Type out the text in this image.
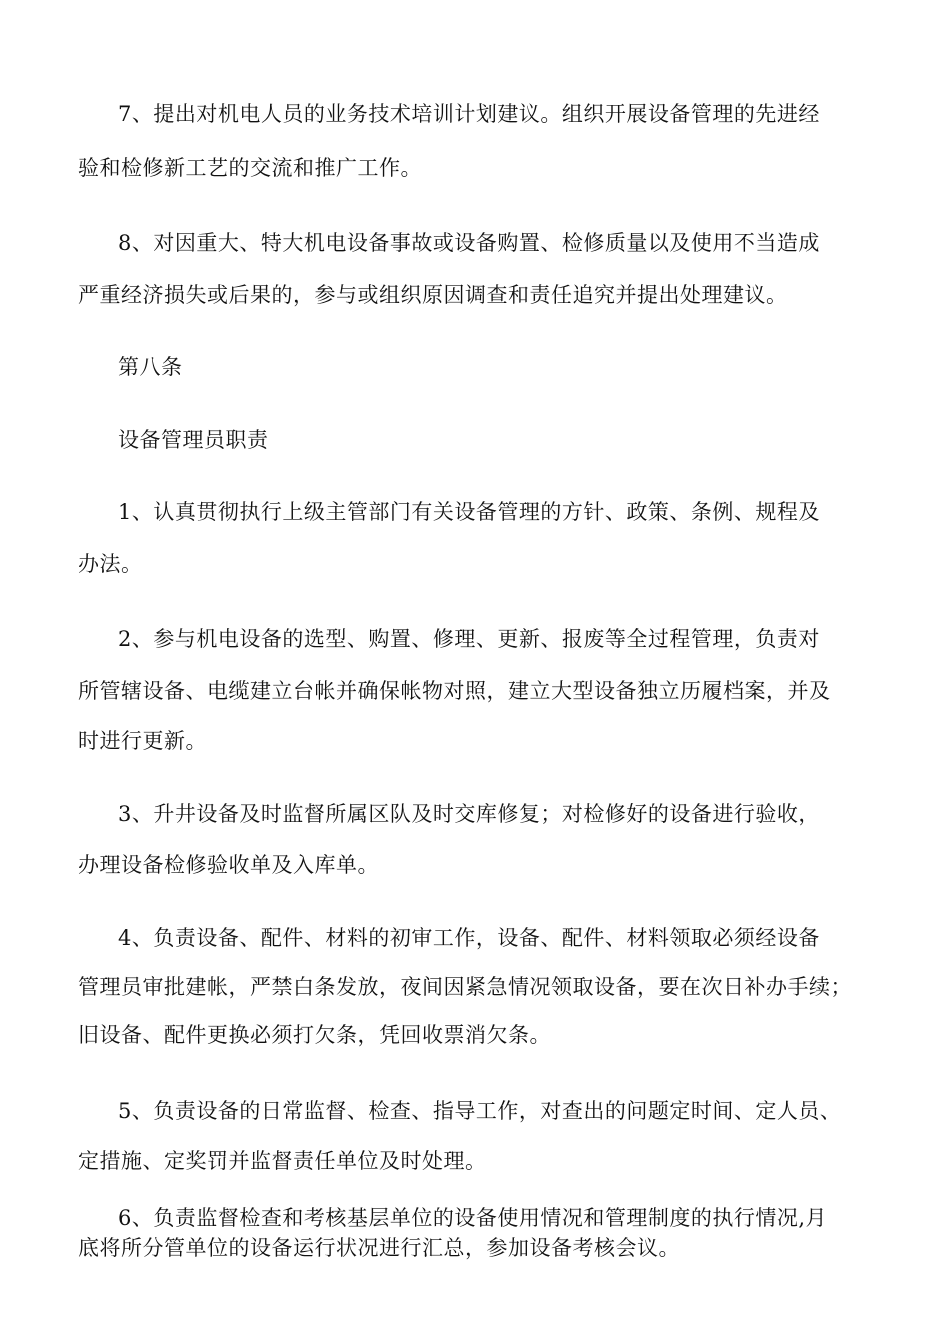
7、提出对机电人员的业务技术培训计划建议。组织开展设备管理的先进经
验和检修新工艺的交流和推广工作。
8、对因重大、特大机电设备事故或设备购置、检修质量以及使用不当造成
严重经济损失或后果的，参与或组织原因调查和责任追究并提出处理建议。
第八条
设备管理员职责
1、认真贯彻执行上级主管部门有关设备管理的方针、政策、条例、规程及
办法。
2、参与机电设备的选型、购置、修理、更新、报废等全过程管理，负责对
所管辖设备、电缆建立台帐并确保帐物对照，建立大型设备独立历履档案，并及
时进行更新。
3、升井设备及时监督所属区队及时交库修复；对检修好的设备进行验收，
办理设备检修验收单及入库单。
4、负责设备、配件、材料的初审工作，设备、配件、材料领取必须经设备
管理员审批建帐，严禁白条发放，夜间因紧急情况领取设备，要在次日补办手续；
旧设备、配件更换必须打欠条，凭回收票消欠条。
5、负责设备的日常监督、检查、指导工作，对查出的问题定时间、定人员、
定措施、定奖罚并监督责任单位及时处理。
6、负责监督检查和考核基层单位的设备使用情况和管理制度的执行情况,月
底将所分管单位的设备运行状况进行汇总，参加设备考核会议。
